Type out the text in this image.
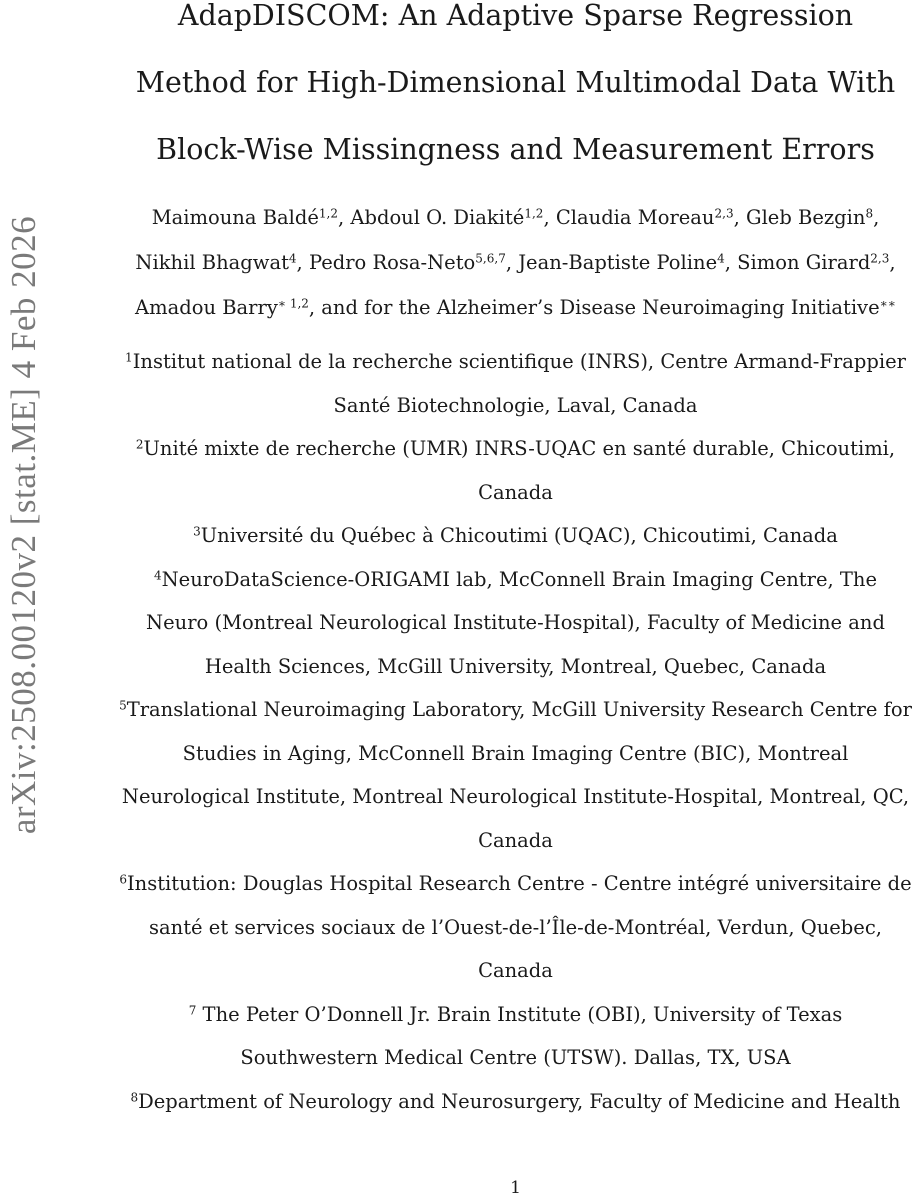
arXiv:2508.00120v2 [stat.ME] 4 Feb 2026
AdapDISCOM: An Adaptive Sparse Regression
Method for High-Dimensional Multimodal Data With
Block-Wise Missingness and Measurement Errors
Maimouna Baldé$^{1,2}$, Abdoul O. Diakité$^{1,2}$, Claudia Moreau$^{2,3}$, Gleb Bezgin$^8$,
Nikhil Bhagwat$^4$, Pedro Rosa-Neto$^{5,6,7}$, Jean-Baptiste Poline$^4$, Simon Girard$^{2,3}$,
Amadou Barry$^{∗ 1,2}$, and for the Alzheimer’s Disease Neuroimaging Initiative∗∗
$^1$Institut national de la recherche scientifique (INRS), Centre Armand-Frappier
Santé Biotechnologie, Laval, Canada
$^2$Unité mixte de recherche (UMR) INRS-UQAC en santé durable, Chicoutimi,
Canada
$^3$Université du Québec à Chicoutimi (UQAC), Chicoutimi, Canada
$^4$NeuroDataScience-ORIGAMI lab, McConnell Brain Imaging Centre, The
Neuro (Montreal Neurological Institute-Hospital), Faculty of Medicine and
Health Sciences, McGill University, Montreal, Quebec, Canada
$^5$Translational Neuroimaging Laboratory, McGill University Research Centre for
Studies in Aging, McConnell Brain Imaging Centre (BIC), Montreal
Neurological Institute, Montreal Neurological Institute-Hospital, Montreal, QC,
Canada
$^6$Institution: Douglas Hospital Research Centre - Centre intégré universitaire de
santé et services sociaux de l’Ouest-de-l’Île-de-Montréal, Verdun, Quebec,
Canada
$^7$ The Peter O’Donnell Jr. Brain Institute (OBI), University of Texas
Southwestern Medical Centre (UTSW). Dallas, TX, USA
$^8$Department of Neurology and Neurosurgery, Faculty of Medicine and Health
1
